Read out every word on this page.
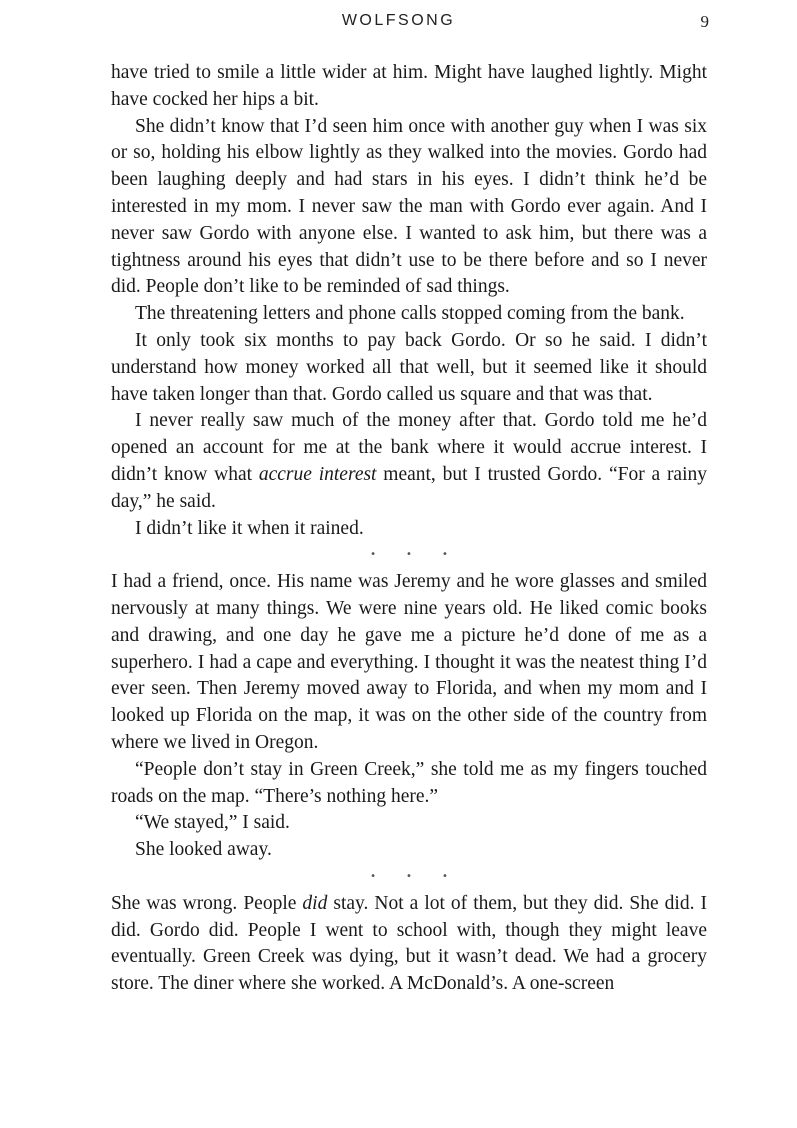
WOLFSONG	9

have tried to smile a little wider at him. Might have laughed lightly. Might have cocked her hips a bit.

She didn’t know that I’d seen him once with another guy when I was six or so, holding his elbow lightly as they walked into the movies. Gordo had been laughing deeply and had stars in his eyes. I didn’t think he’d be interested in my mom. I never saw the man with Gordo ever again. And I never saw Gordo with anyone else. I wanted to ask him, but there was a tightness around his eyes that didn’t use to be there before and so I never did. People don’t like to be reminded of sad things.

The threatening letters and phone calls stopped coming from the bank.

It only took six months to pay back Gordo. Or so he said. I didn’t understand how money worked all that well, but it seemed like it should have taken longer than that. Gordo called us square and that was that.

I never really saw much of the money after that. Gordo told me he’d opened an account for me at the bank where it would accrue interest. I didn’t know what accrue interest meant, but I trusted Gordo. “For a rainy day,” he said.

I didn’t like it when it rained.

•	•	•

I had a friend, once. His name was Jeremy and he wore glasses and smiled nervously at many things. We were nine years old. He liked comic books and drawing, and one day he gave me a picture he’d done of me as a superhero. I had a cape and everything. I thought it was the neatest thing I’d ever seen. Then Jeremy moved away to Florida, and when my mom and I looked up Florida on the map, it was on the other side of the country from where we lived in Oregon.

“People don’t stay in Green Creek,” she told me as my fingers touched roads on the map. “There’s nothing here.”

“We stayed,” I said.

She looked away.

•	•	•

She was wrong. People did stay. Not a lot of them, but they did. She did. I did. Gordo did. People I went to school with, though they might leave eventually. Green Creek was dying, but it wasn’t dead. We had a grocery store. The diner where she worked. A McDonald’s. A one-screen
